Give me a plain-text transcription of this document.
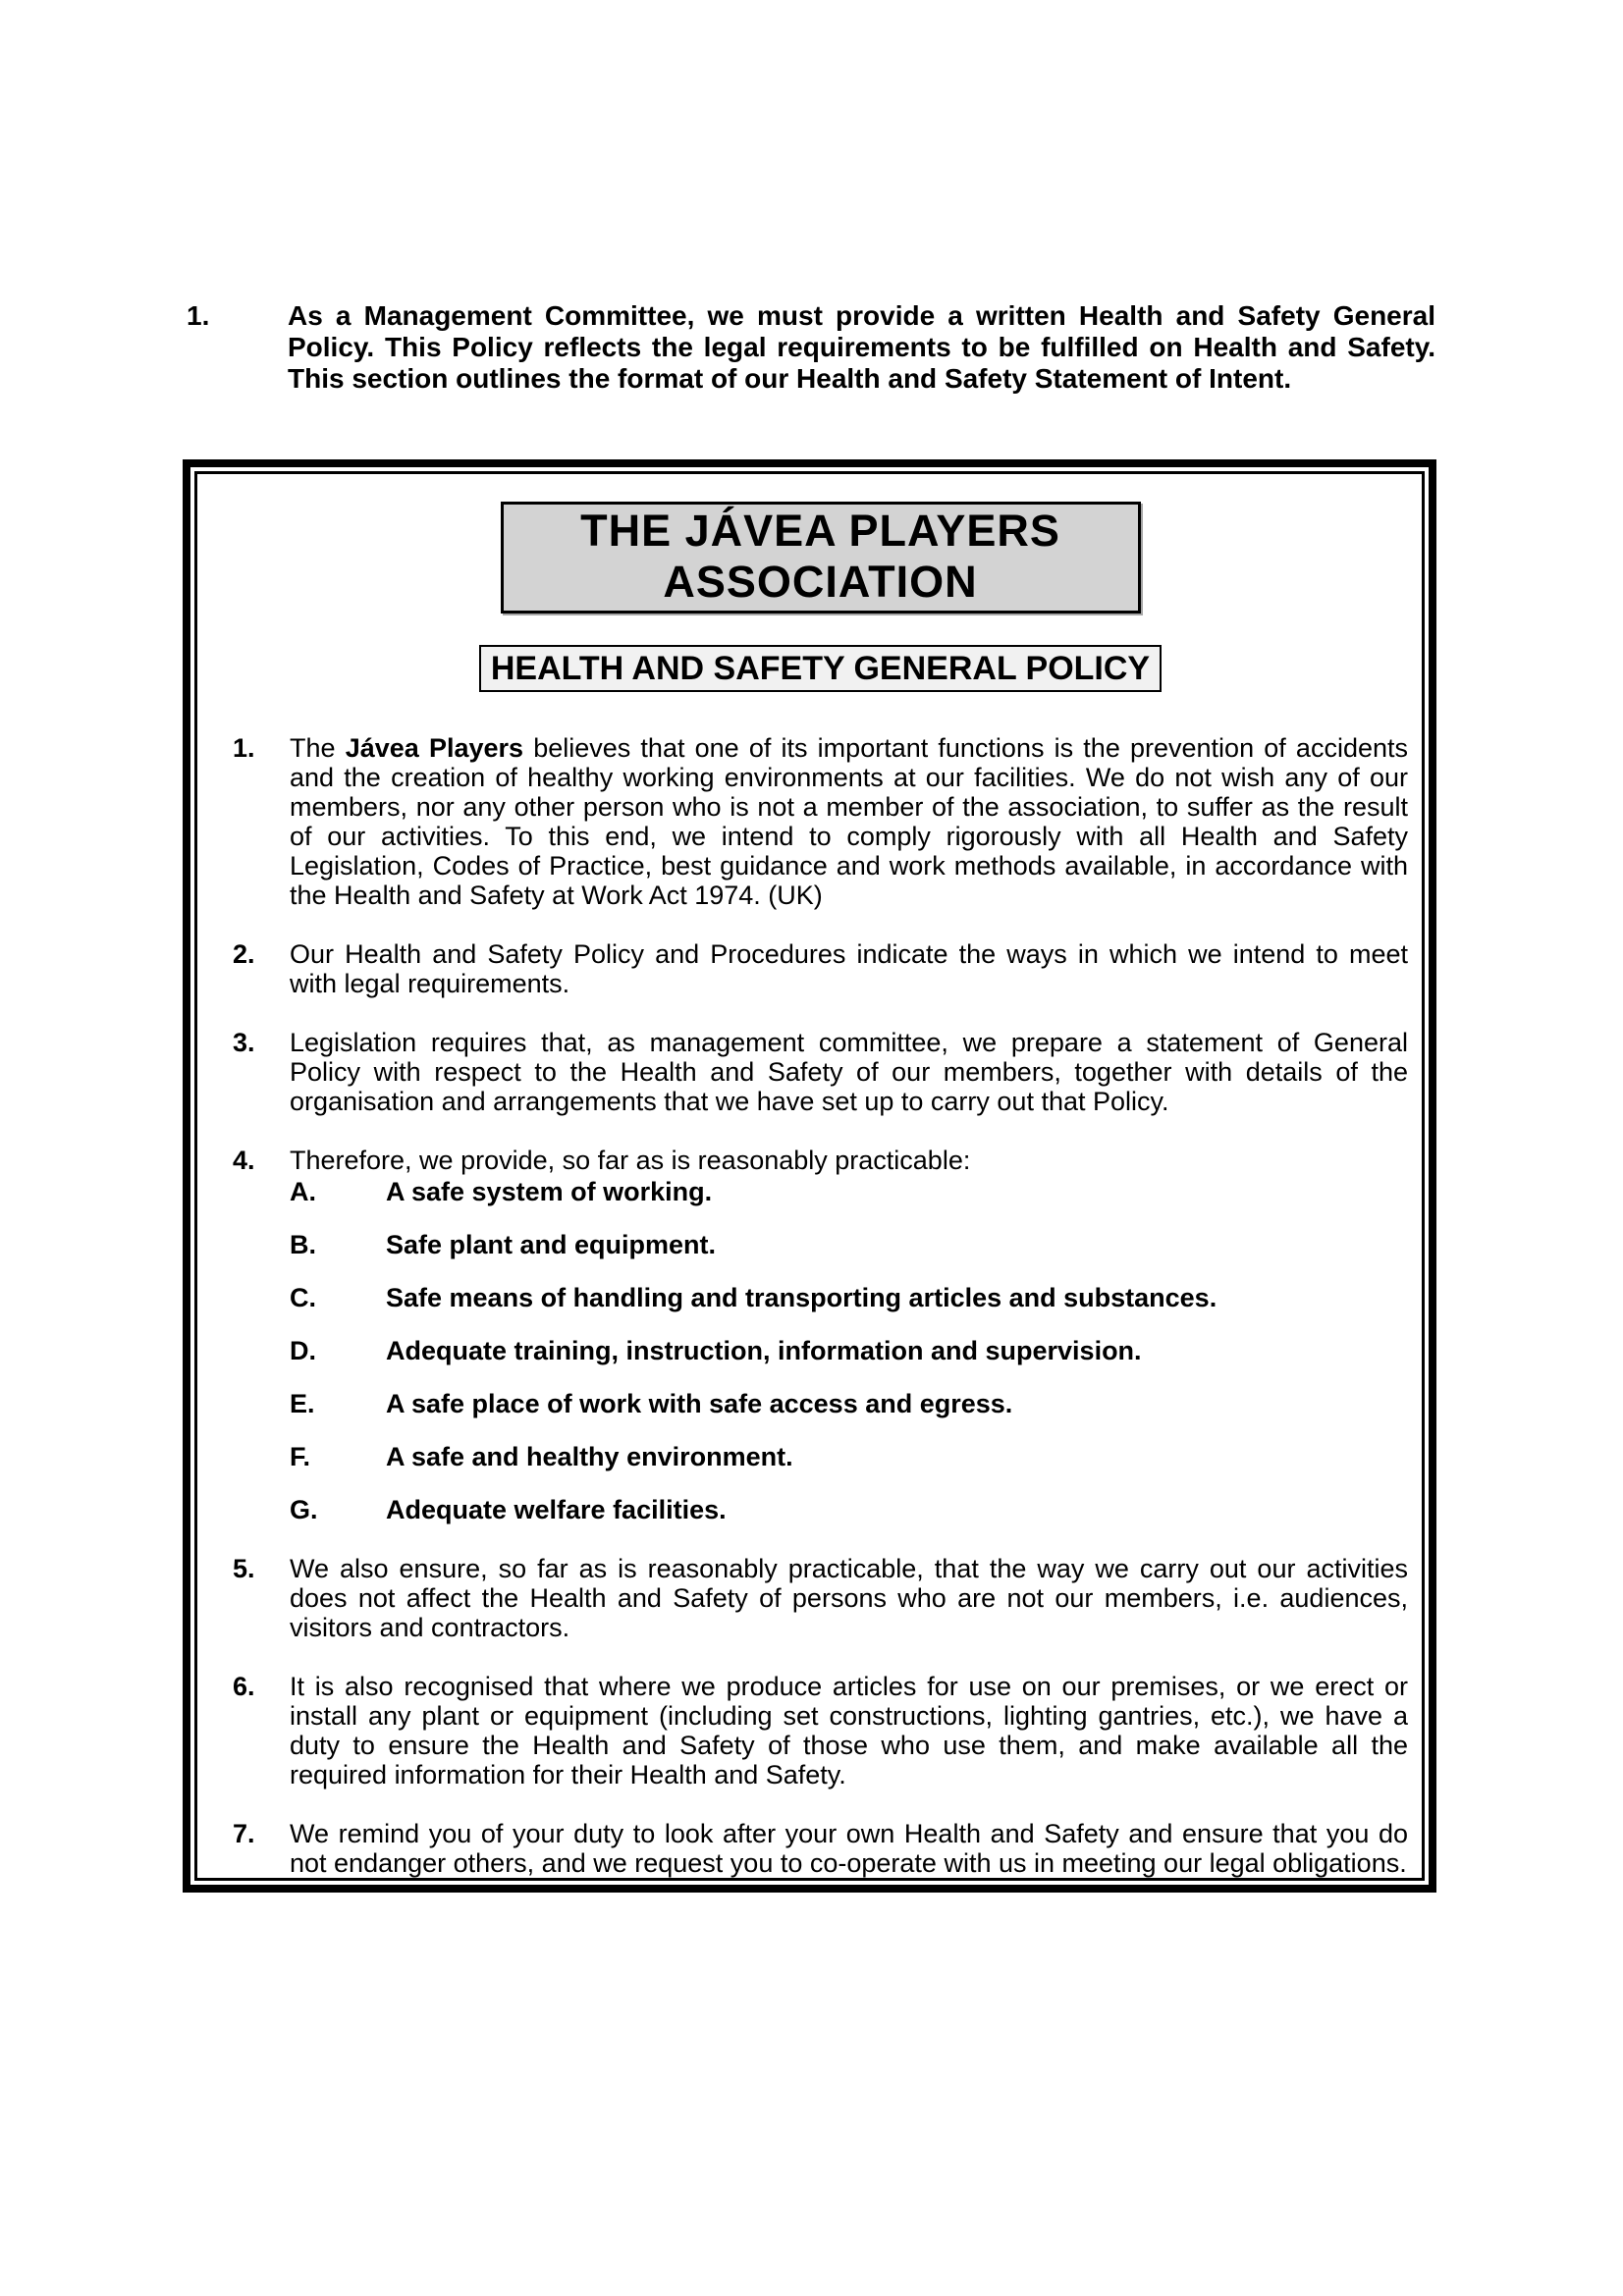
1.	As a Management Committee, we must provide a written Health and Safety General Policy. This Policy reflects the legal requirements to be fulfilled on Health and Safety. This section outlines the format of our Health and Safety Statement of Intent.
THE JÁVEA PLAYERS
ASSOCIATION
HEALTH AND SAFETY GENERAL POLICY
1.	The Jávea Players believes that one of its important functions is the prevention of accidents and the creation of healthy working environments at our facilities. We do not wish any of our members, nor any other person who is not a member of the association, to suffer as the result of our activities. To this end, we intend to comply rigorously with all Health and Safety Legislation, Codes of Practice, best guidance and work methods available, in accordance with the Health and Safety at Work Act 1974. (UK)
2.	Our Health and Safety Policy and Procedures indicate the ways in which we intend to meet with legal requirements.
3.	Legislation requires that, as management committee, we prepare a statement of General Policy with respect to the Health and Safety of our members, together with details of the organisation and arrangements that we have set up to carry out that Policy.
4.	Therefore, we provide, so far as is reasonably practicable:
A.	A safe system of working.
B.	Safe plant and equipment.
C.	Safe means of handling and transporting articles and substances.
D.	Adequate training, instruction, information and supervision.
E.	A safe place of work with safe access and egress.
F.	A safe and healthy environment.
G.	Adequate welfare facilities.
5.	We also ensure, so far as is reasonably practicable, that the way we carry out our activities does not affect the Health and Safety of persons who are not our members, i.e. audiences, visitors and contractors.
6.	It is also recognised that where we produce articles for use on our premises, or we erect or install any plant or equipment (including set constructions, lighting gantries, etc.), we have a duty to ensure the Health and Safety of those who use them, and make available all the required information for their Health and Safety.
7.	We remind you of your duty to look after your own Health and Safety and ensure that you do not endanger others, and we request you to co-operate with us in meeting our legal obligations.
